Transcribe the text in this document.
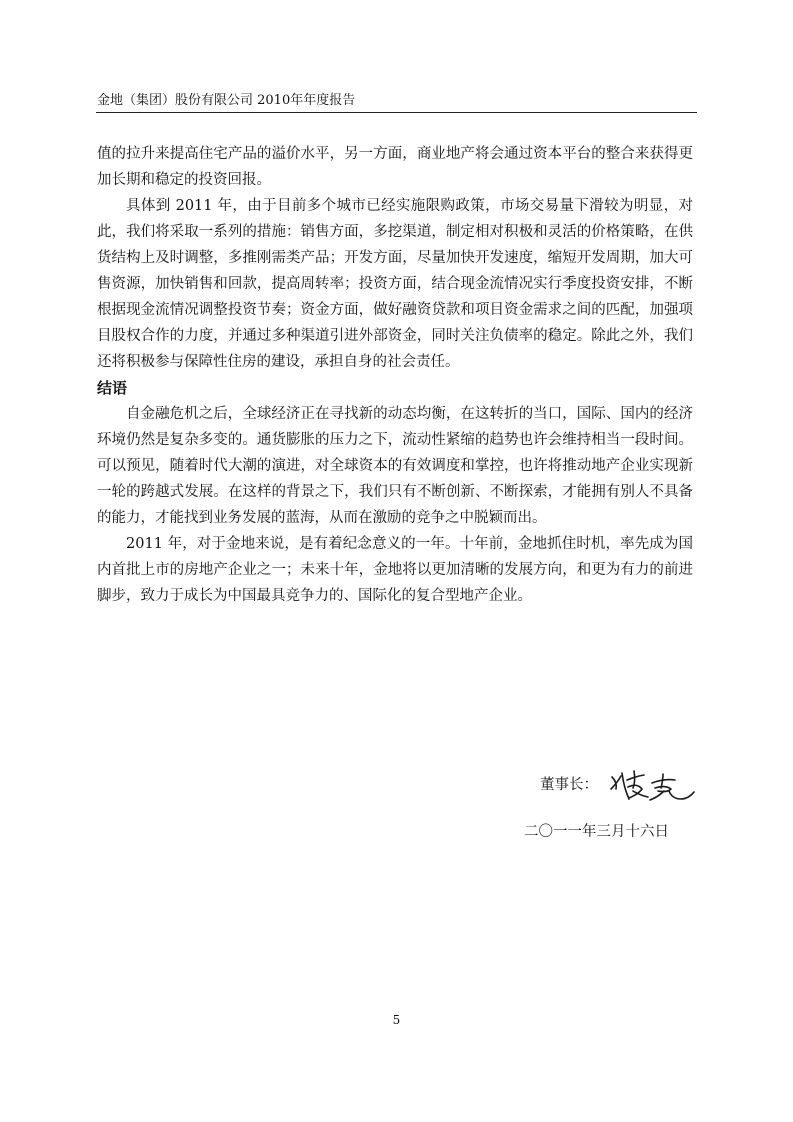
金地（集团）股份有限公司 2010年年度报告

值的拉升来提高住宅产品的溢价水平，另一方面，商业地产将会通过资本平台的整合来获得更加长期和稳定的投资回报。

具体到 2011 年，由于目前多个城市已经实施限购政策，市场交易量下滑较为明显，对此，我们将采取一系列的措施：销售方面，多挖渠道，制定相对积极和灵活的价格策略，在供货结构上及时调整，多推刚需类产品；开发方面，尽量加快开发速度，缩短开发周期，加大可售资源，加快销售和回款，提高周转率；投资方面，结合现金流情况实行季度投资安排，不断根据现金流情况调整投资节奏；资金方面，做好融资贷款和项目资金需求之间的匹配，加强项目股权合作的力度，并通过多种渠道引进外部资金，同时关注负债率的稳定。除此之外，我们还将积极参与保障性住房的建设，承担自身的社会责任。

结语

自金融危机之后，全球经济正在寻找新的动态均衡，在这转折的当口，国际、国内的经济环境仍然是复杂多变的。通货膨胀的压力之下，流动性紧缩的趋势也许会维持相当一段时间。可以预见，随着时代大潮的演进，对全球资本的有效调度和掌控，也许将推动地产企业实现新一轮的跨越式发展。在这样的背景之下，我们只有不断创新、不断探索，才能拥有别人不具备的能力，才能找到业务发展的蓝海，从而在激励的竞争之中脱颖而出。

2011 年，对于金地来说，是有着纪念意义的一年。十年前，金地抓住时机，率先成为国内首批上市的房地产企业之一；未来十年，金地将以更加清晰的发展方向，和更为有力的前进脚步，致力于成长为中国最具竞争力的、国际化的复合型地产企业。

董事长：
二〇一一年三月十六日
5
